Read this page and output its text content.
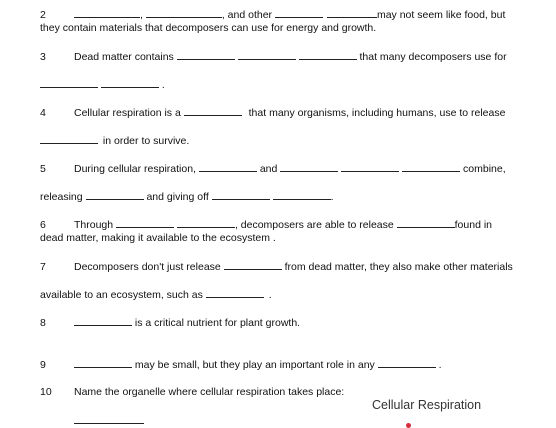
2	,	, and other	may not seem like food, but
they contain materials that decomposers can use for energy and growth.
3	Dead matter contains	that many decomposers use for
.
4	Cellular respiration is a	that many organisms, including humans, use to release
in order to survive.
5	During cellular respiration,	and	combine,
releasing	and giving off	.
6	Through	, decomposers are able to release	found in
dead matter, making it available to the ecosystem .
7	Decomposers don't just release	from dead matter, they also make other materials
available to an ecosystem, such as	.
8	is a critical nutrient for plant growth.
9	may be small, but they play an important role in any	.
10 Name the organelle where cellular respiration takes place:
Cellular Respiration
